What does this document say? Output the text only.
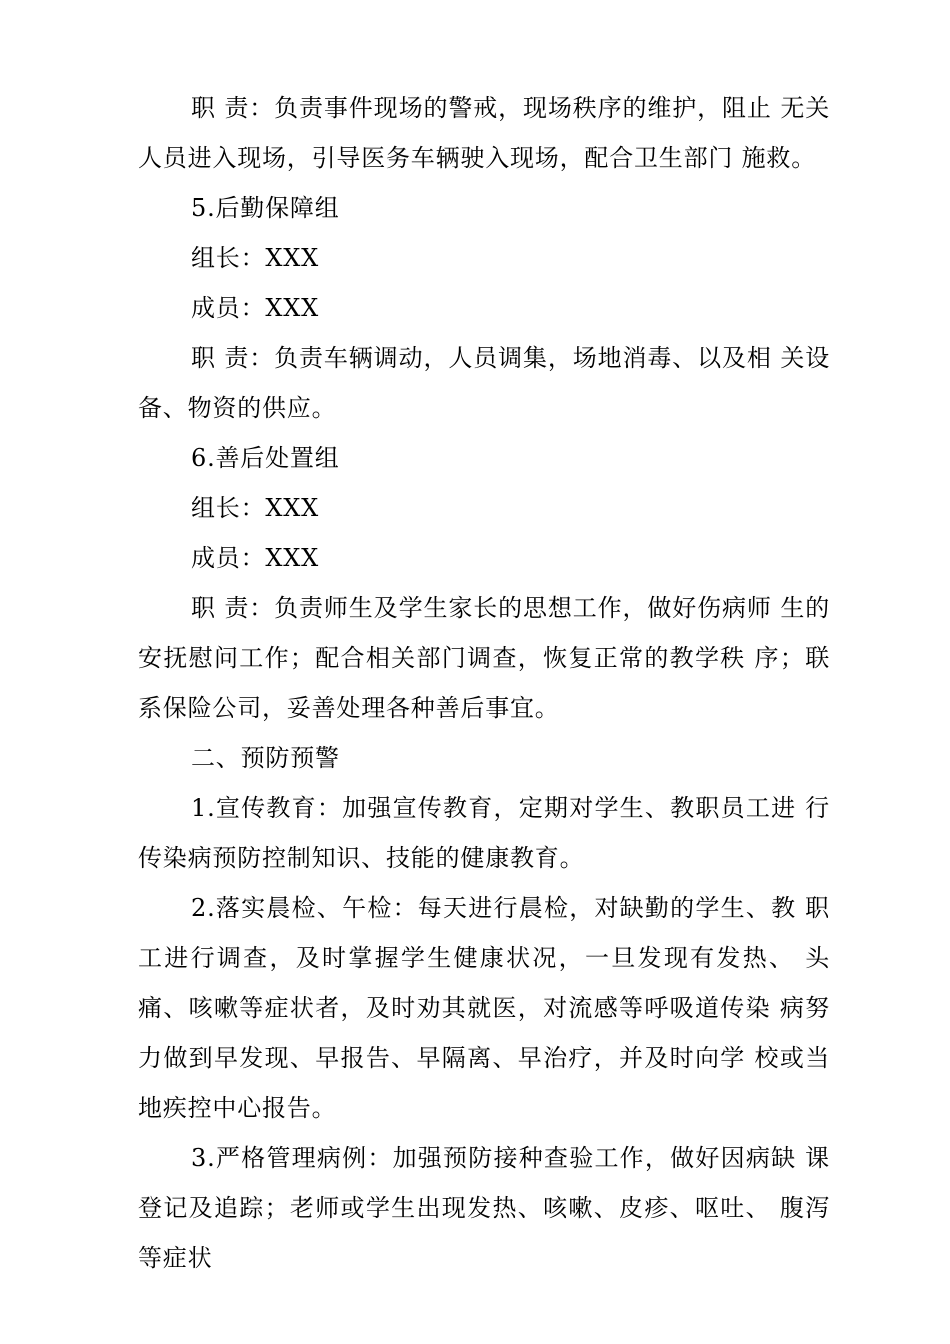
职 责：负责事件现场的警戒，现场秩序的维护，阻止 无关人员进入现场，引导医务车辆驶入现场，配合卫生部门 施救。

5.后勤保障组

组长：XXX

成员：XXX

职 责：负责车辆调动，人员调集，场地消毒、以及相 关设备、物资的供应。

6.善后处置组

组长：XXX

成员：XXX

职 责：负责师生及学生家长的思想工作，做好伤病师 生的安抚慰问工作；配合相关部门调查，恢复正常的教学秩 序；联系保险公司，妥善处理各种善后事宜。

二、预防预警

1.宣传教育：加强宣传教育，定期对学生、教职员工进 行传染病预防控制知识、技能的健康教育。

2.落实晨检、午检：每天进行晨检，对缺勤的学生、教 职工进行调查，及时掌握学生健康状况，一旦发现有发热、 头痛、咳嗽等症状者，及时劝其就医，对流感等呼吸道传染 病努力做到早发现、早报告、早隔离、早治疗，并及时向学 校或当地疾控中心报告。

3.严格管理病例：加强预防接种查验工作，做好因病缺 课登记及追踪；老师或学生出现发热、咳嗽、皮疹、呕吐、 腹泻等症状
